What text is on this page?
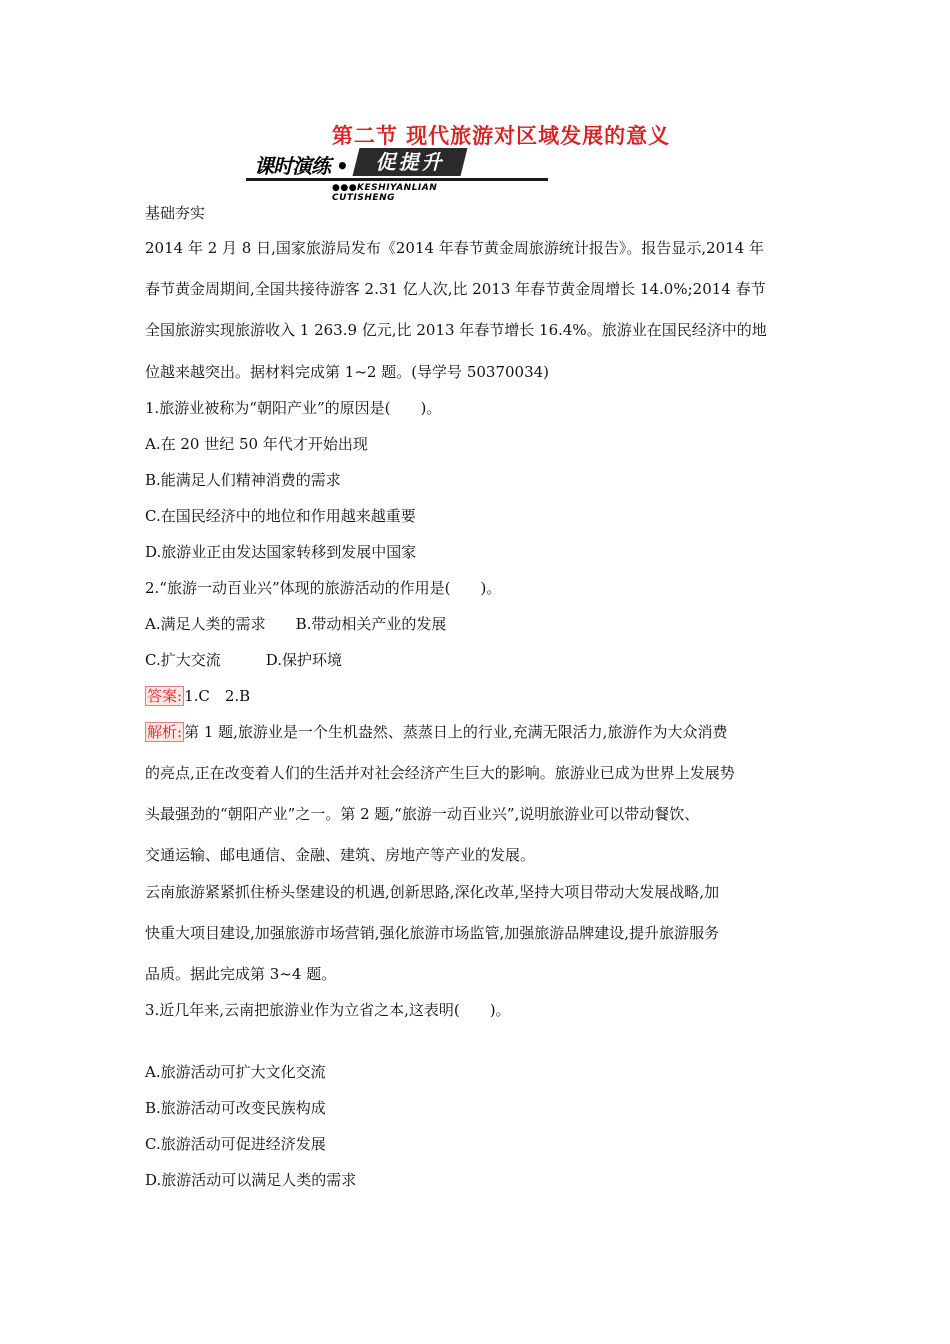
第二节 现代旅游对区域发展的意义
课时演练 •	促提升
●●●KESHIYANLIAN CUTISHENG
基础夯实
2014 年 2 月 8 日,国家旅游局发布《2014 年春节黄金周旅游统计报告》。报告显示,2014 年
春节黄金周期间,全国共接待游客 2.31 亿人次,比 2013 年春节黄金周增长 14.0%;2014 春节
全国旅游实现旅游收入 1 263.9 亿元,比 2013 年春节增长 16.4%。旅游业在国民经济中的地
位越来越突出。据材料完成第 1~2 题。(导学号 50370034)
1.旅游业被称为“朝阳产业”的原因是(　　)。
A.在 20 世纪 50 年代才开始出现
B.能满足人们精神消费的需求
C.在国民经济中的地位和作用越来越重要
D.旅游业正由发达国家转移到发展中国家
2.“旅游一动百业兴”体现的旅游活动的作用是(　　)。
A.满足人类的需求　　B.带动相关产业的发展
C.扩大交流　　　D.保护环境
答案: 1.C　2.B
解析: 第 1 题,旅游业是一个生机盎然、蒸蒸日上的行业,充满无限活力,旅游作为大众消费
的亮点,正在改变着人们的生活并对社会经济产生巨大的影响。旅游业已成为世界上发展势
头最强劲的“朝阳产业”之一。第 2 题,“旅游一动百业兴”,说明旅游业可以带动餐饮、
交通运输、邮电通信、金融、建筑、房地产等产业的发展。
云南旅游紧紧抓住桥头堡建设的机遇,创新思路,深化改革,坚持大项目带动大发展战略,加
快重大项目建设,加强旅游市场营销,强化旅游市场监管,加强旅游品牌建设,提升旅游服务
品质。据此完成第 3~4 题。
3.近几年来,云南把旅游业作为立省之本,这表明(　　)。
A.旅游活动可扩大文化交流
B.旅游活动可改变民族构成
C.旅游活动可促进经济发展
D.旅游活动可以满足人类的需求
